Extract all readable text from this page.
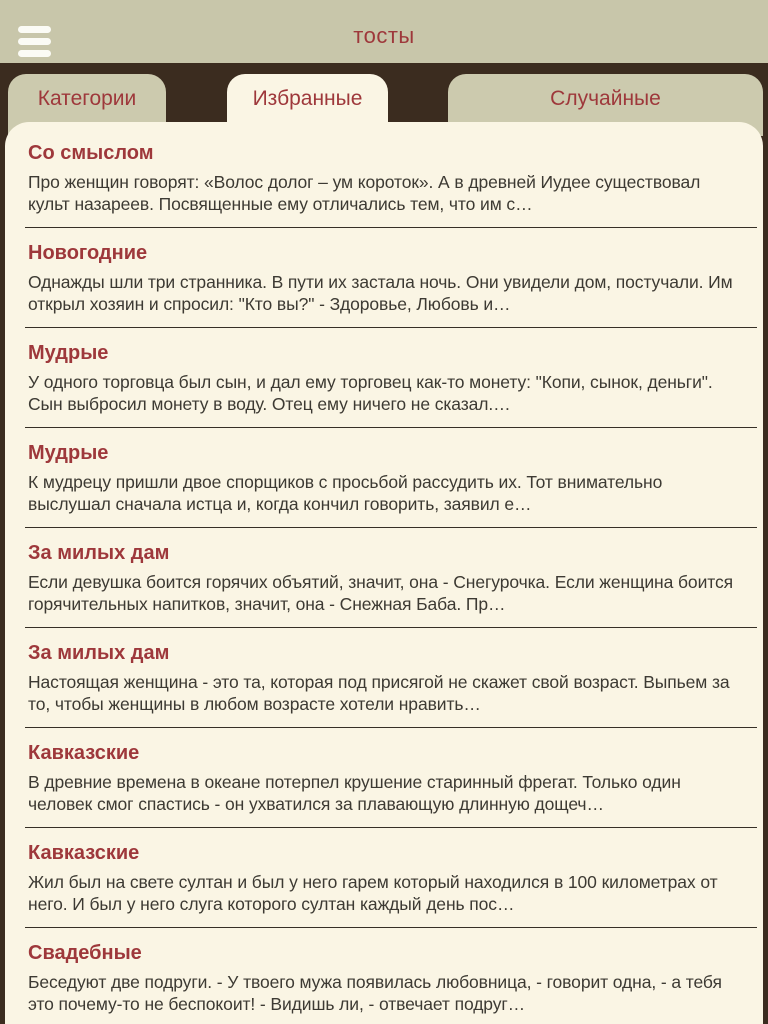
тосты
Категории	Избранные	Случайные
Со смыслом
Про женщин говорят: «Волос долог – ум короток». А в древней Иудее существовал культ назареев. Посвященные ему отличались тем, что им с…
Новогодние
Однажды шли три странника. В пути их застала ночь. Они увидели дом, постучали. Им открыл хозяин и спросил: "Кто вы?" - Здоровье, Любовь и…
Мудрые
У одного торговца был сын, и дал ему торговец как-то монету: "Копи, сынок, деньги". Сын выбросил монету в воду. Отец ему ничего не сказал.…
Мудрые
К мудрецу пришли двое спорщиков с просьбой рассудить их. Тот внимательно выслушал сначала истца и, когда кончил говорить, заявил е…
За милых дам
Если девушка боится горячих объятий, значит, она - Снегурочка. Если женщина боится горячительных напитков, значит, она - Снежная Баба. Пр…
За милых дам
Настоящая женщина - это та, которая под присягой не скажет свой возраст. Выпьем за то, чтобы женщины в любом возрасте хотели нравить…
Кавказские
В древние времена в океане потерпел крушение старинный фрегат. Только один человек смог спастись - он ухватился за плавающую длинную дощеч…
Кавказские
Жил был на свете султан и был у него гарем который находился в 100 километрах от него. И был у него слуга которого султан каждый день пос…
Свадебные
Беседуют две подруги. - У твоего мужа появилась любовница, - говорит одна, - а тебя это почему-то не беспокоит! - Видишь ли, - отвечает подруг…
